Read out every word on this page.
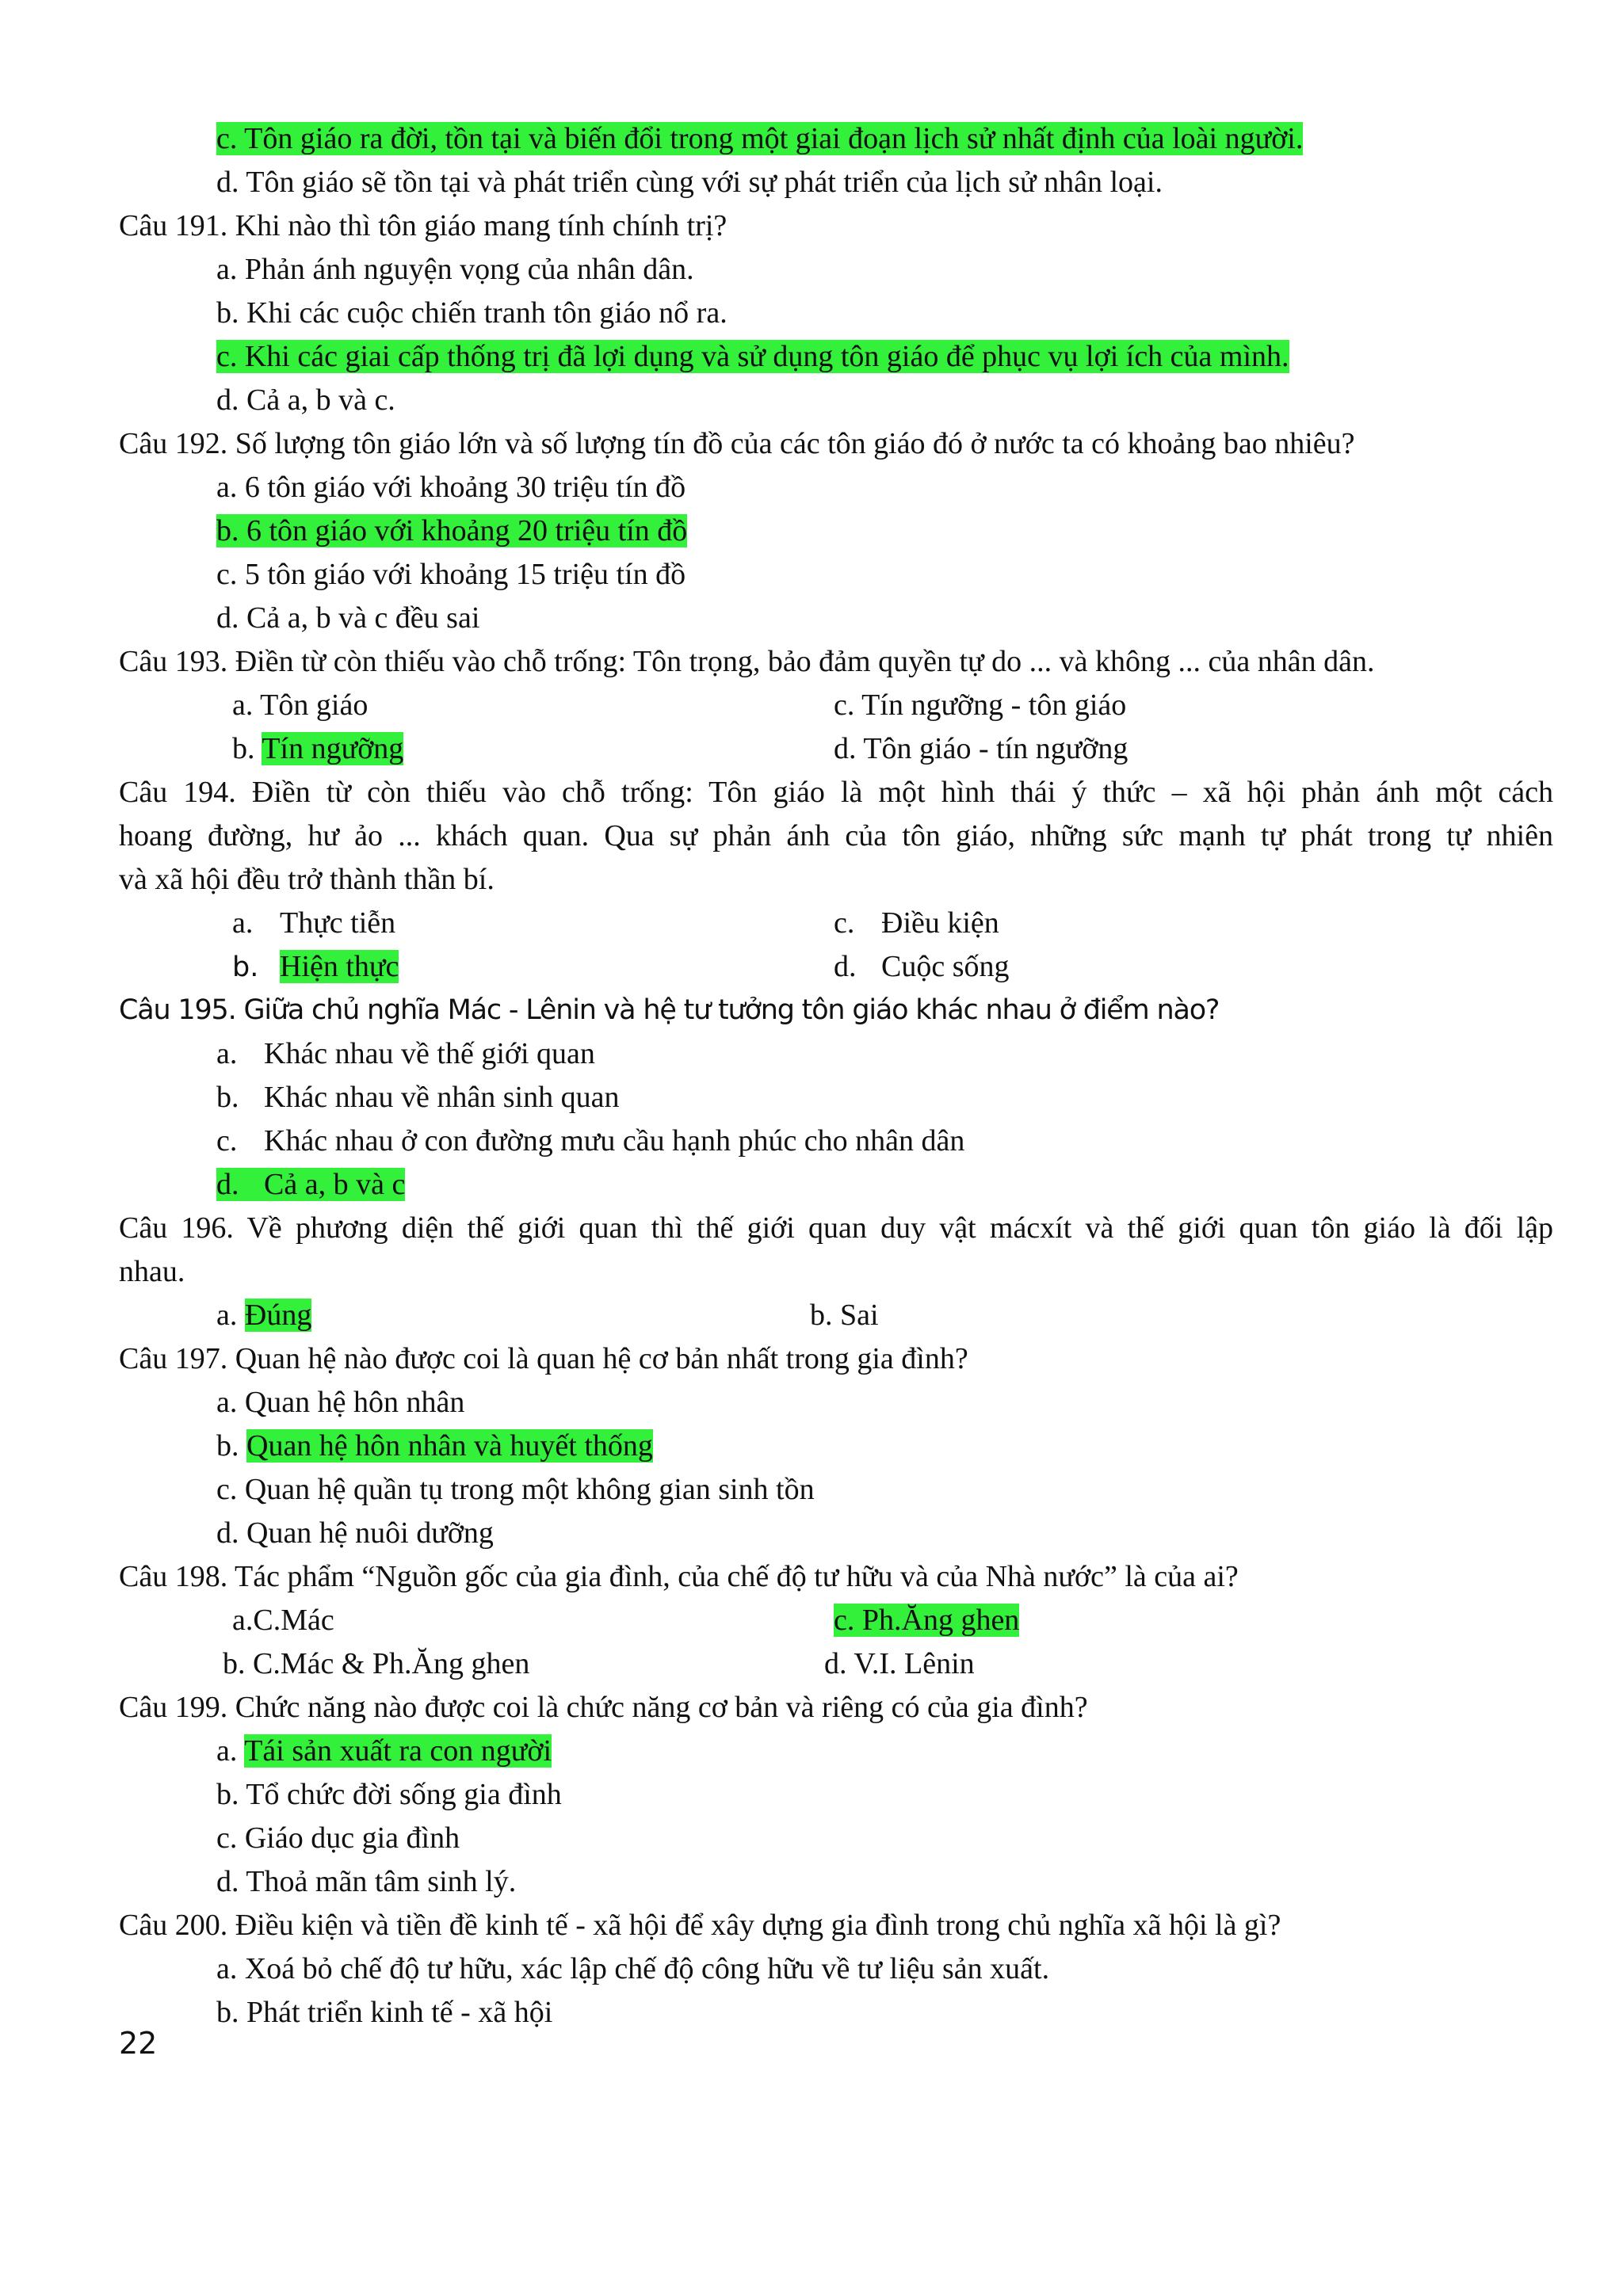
c. Tôn giáo ra đời, tồn tại và biến đổi trong một giai đoạn lịch sử nhất định của loài người.
d. Tôn giáo sẽ tồn tại và phát triển cùng với sự phát triển của lịch sử nhân loại.
Câu 191. Khi nào thì tôn giáo mang tính chính trị?
a. Phản ánh nguyện vọng của nhân dân.
b. Khi các cuộc chiến tranh tôn giáo nổ ra.
c. Khi các giai cấp thống trị đã lợi dụng và sử dụng tôn giáo để phục vụ lợi ích của mình.
d. Cả a, b và c.
Câu 192. Số lượng tôn giáo lớn và số lượng tín đồ của các tôn giáo đó ở nước ta có khoảng bao nhiêu?
a. 6 tôn giáo với khoảng 30 triệu tín đồ
b. 6 tôn giáo với khoảng 20 triệu tín đồ
c. 5 tôn giáo với khoảng 15 triệu tín đồ
d. Cả a, b và c đều sai
Câu 193. Điền từ còn thiếu vào chỗ trống: Tôn trọng, bảo đảm quyền tự do ... và không ... của nhân dân.
a. Tôn giáo	c. Tín ngưỡng - tôn giáo
b. Tín ngưỡng	d. Tôn giáo - tín ngưỡng
Câu 194. Điền từ còn thiếu vào chỗ trống: Tôn giáo là một hình thái ý thức – xã hội phản ánh một cách
hoang đường, hư ảo ... khách quan. Qua sự phản ánh của tôn giáo, những sức mạnh tự phát trong tự nhiên
và xã hội đều trở thành thần bí.
a. Thực tiễn	c. Điều kiện
b. Hiện thực	d. Cuộc sống
Câu 195. Giữa chủ nghĩa Mác - Lênin và hệ tư tưởng tôn giáo khác nhau ở điểm nào?
a. Khác nhau về thế giới quan
b. Khác nhau về nhân sinh quan
c. Khác nhau ở con đường mưu cầu hạnh phúc cho nhân dân
d. Cả a, b và c
Câu 196. Về phương diện thế giới quan thì thế giới quan duy vật mácxít và thế giới quan tôn giáo là đối lập
nhau.
a. Đúng	b. Sai
Câu 197. Quan hệ nào được coi là quan hệ cơ bản nhất trong gia đình?
a. Quan hệ hôn nhân
b. Quan hệ hôn nhân và huyết thống
c. Quan hệ quần tụ trong một không gian sinh tồn
d. Quan hệ nuôi dưỡng
Câu 198. Tác phẩm “Nguồn gốc của gia đình, của chế độ tư hữu và của Nhà nước” là của ai?
a.C.Mác	c. Ph.Ăng ghen
b. C.Mác & Ph.Ăng ghen	d. V.I. Lênin
Câu 199. Chức năng nào được coi là chức năng cơ bản và riêng có của gia đình?
a. Tái sản xuất ra con người
b. Tổ chức đời sống gia đình
c. Giáo dục gia đình
d. Thoả mãn tâm sinh lý.
Câu 200. Điều kiện và tiền đề kinh tế - xã hội để xây dựng gia đình trong chủ nghĩa xã hội là gì?
a. Xoá bỏ chế độ tư hữu, xác lập chế độ công hữu về tư liệu sản xuất.
b. Phát triển kinh tế - xã hội
22
